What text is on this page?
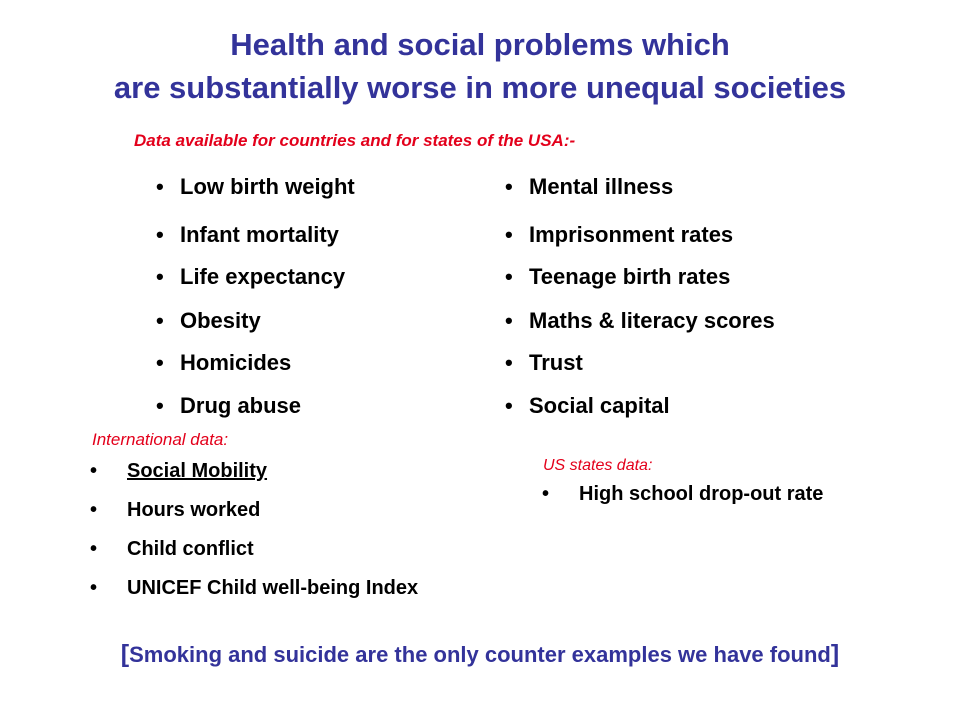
Health and social problems which
are substantially worse in more unequal societies
Data available for countries and for states of the USA:-
• Low birth weight
• Infant mortality
• Life expectancy
• Obesity
• Homicides
• Drug abuse
• Mental illness
• Imprisonment rates
• Teenage birth rates
• Maths & literacy scores
• Trust
• Social capital
International data:
• Social Mobility
• Hours worked
• Child conflict
• UNICEF Child well-being Index
US states data:
• High school drop-out rate
[Smoking and suicide are the only counter examples we have found]
